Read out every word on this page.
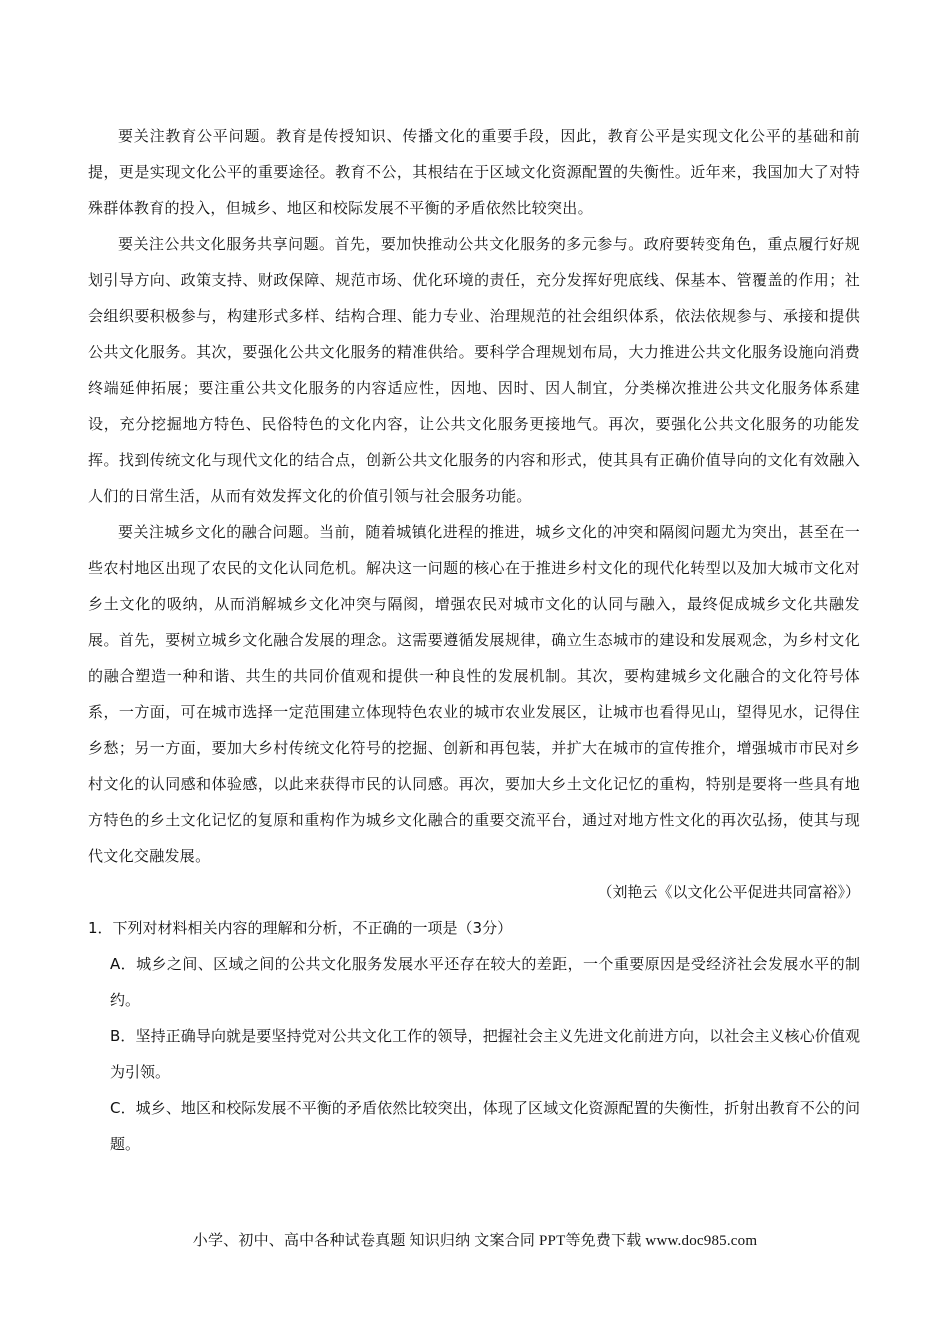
要关注教育公平问题。教育是传授知识、传播文化的重要手段，因此，教育公平是实现文化公平的基础和前提，更是实现文化公平的重要途径。教育不公，其根结在于区域文化资源配置的失衡性。近年来，我国加大了对特殊群体教育的投入，但城乡、地区和校际发展不平衡的矛盾依然比较突出。

要关注公共文化服务共享问题。首先，要加快推动公共文化服务的多元参与。政府要转变角色，重点履行好规划引导方向、政策支持、财政保障、规范市场、优化环境的责任，充分发挥好兜底线、保基本、管覆盖的作用；社会组织要积极参与，构建形式多样、结构合理、能力专业、治理规范的社会组织体系，依法依规参与、承接和提供公共文化服务。其次，要强化公共文化服务的精准供给。要科学合理规划布局，大力推进公共文化服务设施向消费终端延伸拓展；要注重公共文化服务的内容适应性，因地、因时、因人制宜，分类梯次推进公共文化服务体系建设，充分挖掘地方特色、民俗特色的文化内容，让公共文化服务更接地气。再次，要强化公共文化服务的功能发挥。找到传统文化与现代文化的结合点，创新公共文化服务的内容和形式，使其具有正确价值导向的文化有效融入人们的日常生活，从而有效发挥文化的价值引领与社会服务功能。

要关注城乡文化的融合问题。当前，随着城镇化进程的推进，城乡文化的冲突和隔阂问题尤为突出，甚至在一些农村地区出现了农民的文化认同危机。解决这一问题的核心在于推进乡村文化的现代化转型以及加大城市文化对乡土文化的吸纳，从而消解城乡文化冲突与隔阂，增强农民对城市文化的认同与融入，最终促成城乡文化共融发展。首先，要树立城乡文化融合发展的理念。这需要遵循发展规律，确立生态城市的建设和发展观念，为乡村文化的融合塑造一种和谐、共生的共同价值观和提供一种良性的发展机制。其次，要构建城乡文化融合的文化符号体系，一方面，可在城市选择一定范围建立体现特色农业的城市农业发展区，让城市也看得见山，望得见水，记得住乡愁；另一方面，要加大乡村传统文化符号的挖掘、创新和再包装，并扩大在城市的宣传推介，增强城市市民对乡村文化的认同感和体验感，以此来获得市民的认同感。再次，要加大乡土文化记忆的重构，特别是要将一些具有地方特色的乡土文化记忆的复原和重构作为城乡文化融合的重要交流平台，通过对地方性文化的再次弘扬，使其与现代文化交融发展。

（刘艳云《以文化公平促进共同富裕》）

1．下列对材料相关内容的理解和分析，不正确的一项是（3分）

A．城乡之间、区域之间的公共文化服务发展水平还存在较大的差距，一个重要原因是受经济社会发展水平的制约。

B．坚持正确导向就是要坚持党对公共文化工作的领导，把握社会主义先进文化前进方向，以社会主义核心价值观为引领。

C．城乡、地区和校际发展不平衡的矛盾依然比较突出，体现了区域文化资源配置的失衡性，折射出教育不公的问题。

小学、初中、高中各种试卷真题 知识归纳 文案合同 PPT等免费下载 www.doc985.com
